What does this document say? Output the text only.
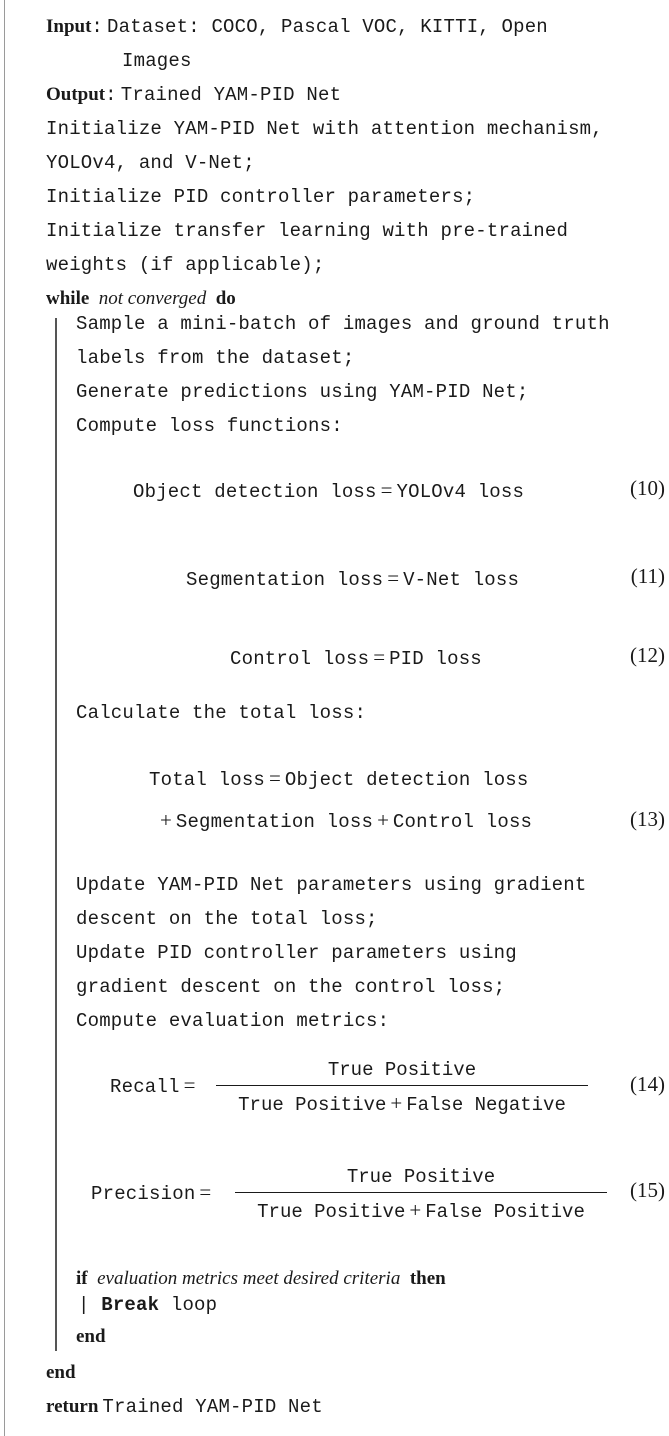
Input: Dataset: COCO, Pascal VOC, KITTI, Open
Images
Output: Trained YAM-PID Net
Initialize YAM-PID Net with attention mechanism,
YOLOv4, and V-Net;
Initialize PID controller parameters;
Initialize transfer learning with pre-trained
weights (if applicable);
while not converged do
Sample a mini-batch of images and ground truth
labels from the dataset;
Generate predictions using YAM-PID Net;
Compute loss functions:
Object detection loss = YOLOv4 loss	(10)
Segmentation loss = V-Net loss	(11)
Control loss = PID loss	(12)
Calculate the total loss:
Total loss = Object detection loss
+ Segmentation loss + Control loss	(13)
Update YAM-PID Net parameters using gradient
descent on the total loss;
Update PID controller parameters using
gradient descent on the control loss;
Compute evaluation metrics:
Recall =
True Positive
True Positive + False Negative
(14)
Precision =
True Positive
True Positive + False Positive
(15)
if evaluation metrics meet desired criteria then
| Break loop
end
end
return Trained YAM-PID Net
